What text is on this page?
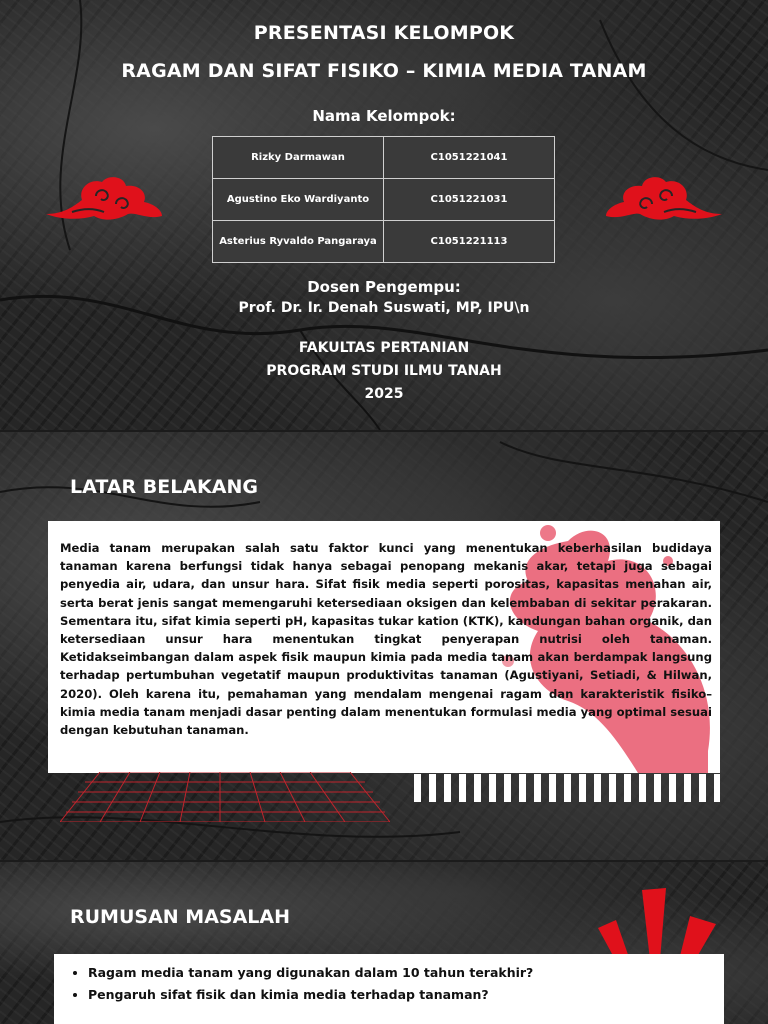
PRESENTASI KELOMPOK
RAGAM DAN SIFAT FISIKO – KIMIA MEDIA TANAM
Nama Kelompok:
Rizky Darmawan	C1051221041
Agustino Eko Wardiyanto	C1051221031
Asterius Ryvaldo Pangaraya	C1051221113
Dosen Pengempu:
Prof. Dr. Ir. Denah Suswati, MP, IPU\n
FAKULTAS PERTANIAN
PROGRAM STUDI ILMU TANAH
2025
LATAR BELAKANG

Media tanam merupakan salah satu faktor kunci yang menentukan keberhasilan budidaya tanaman karena berfungsi tidak hanya sebagai penopang mekanis akar, tetapi juga sebagai penyedia air, udara, dan unsur hara. Sifat fisik media seperti porositas, kapasitas menahan air, serta berat jenis sangat memengaruhi ketersediaan oksigen dan kelembaban di sekitar perakaran. Sementara itu, sifat kimia seperti pH, kapasitas tukar kation (KTK), kandungan bahan organik, dan ketersediaan unsur hara menentukan tingkat penyerapan nutrisi oleh tanaman. Ketidakseimbangan dalam aspek fisik maupun kimia pada media tanam akan berdampak langsung terhadap pertumbuhan vegetatif maupun produktivitas tanaman (Agustiyani, Setiadi, & Hilwan, 2020). Oleh karena itu, pemahaman yang mendalam mengenai ragam dan karakteristik fisiko–kimia media tanam menjadi dasar penting dalam menentukan formulasi media yang optimal sesuai dengan kebutuhan tanaman.

RUMUSAN MASALAH
• Ragam media tanam yang digunakan dalam 10 tahun terakhir?
• Pengaruh sifat fisik dan kimia media terhadap tanaman?
